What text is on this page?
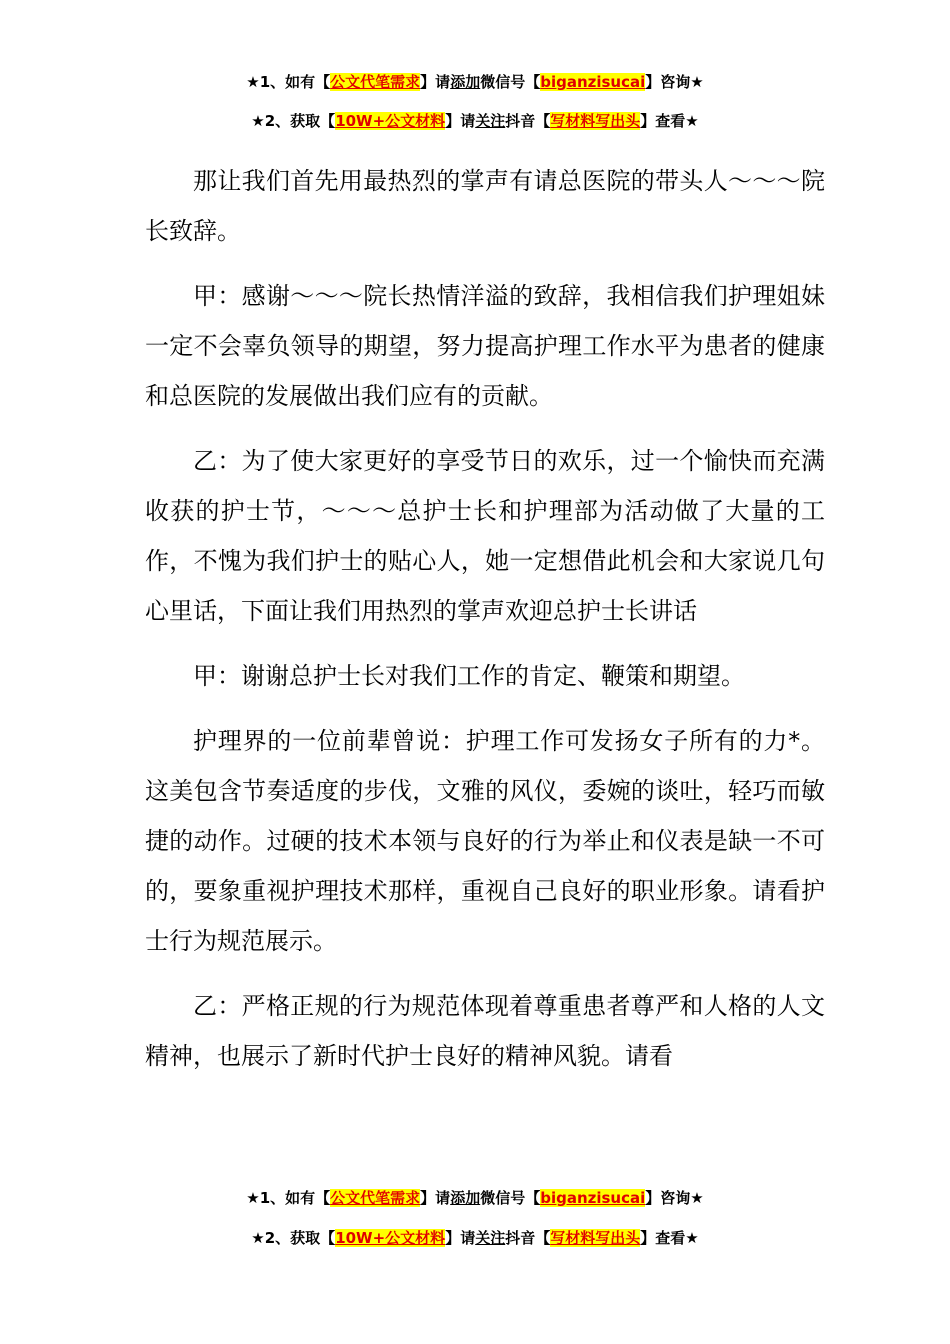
★1、如有【公文代笔需求】请添加微信号【biganzisucai】咨询★
★2、获取【10W+公文材料】请关注抖音【写材料写出头】查看★

那让我们首先用最热烈的掌声有请总医院的带头人～～～院长致辞。

甲：感谢～～～院长热情洋溢的致辞，我相信我们护理姐妹一定不会辜负领导的期望，努力提高护理工作水平为患者的健康和总医院的发展做出我们应有的贡献。

乙：为了使大家更好的享受节日的欢乐，过一个愉快而充满收获的护士节，～～～总护士长和护理部为活动做了大量的工作，不愧为我们护士的贴心人，她一定想借此机会和大家说几句心里话，下面让我们用热烈的掌声欢迎总护士长讲话

甲：谢谢总护士长对我们工作的肯定、鞭策和期望。

护理界的一位前辈曾说：护理工作可发扬女子所有的力*。这美包含节奏适度的步伐，文雅的风仪，委婉的谈吐，轻巧而敏捷的动作。过硬的技术本领与良好的行为举止和仪表是缺一不可的，要象重视护理技术那样，重视自己良好的职业形象。请看护士行为规范展示。

乙：严格正规的行为规范体现着尊重患者尊严和人格的人文精神，也展示了新时代护士良好的精神风貌。请看

★1、如有【公文代笔需求】请添加微信号【biganzisucai】咨询★
★2、获取【10W+公文材料】请关注抖音【写材料写出头】查看★
